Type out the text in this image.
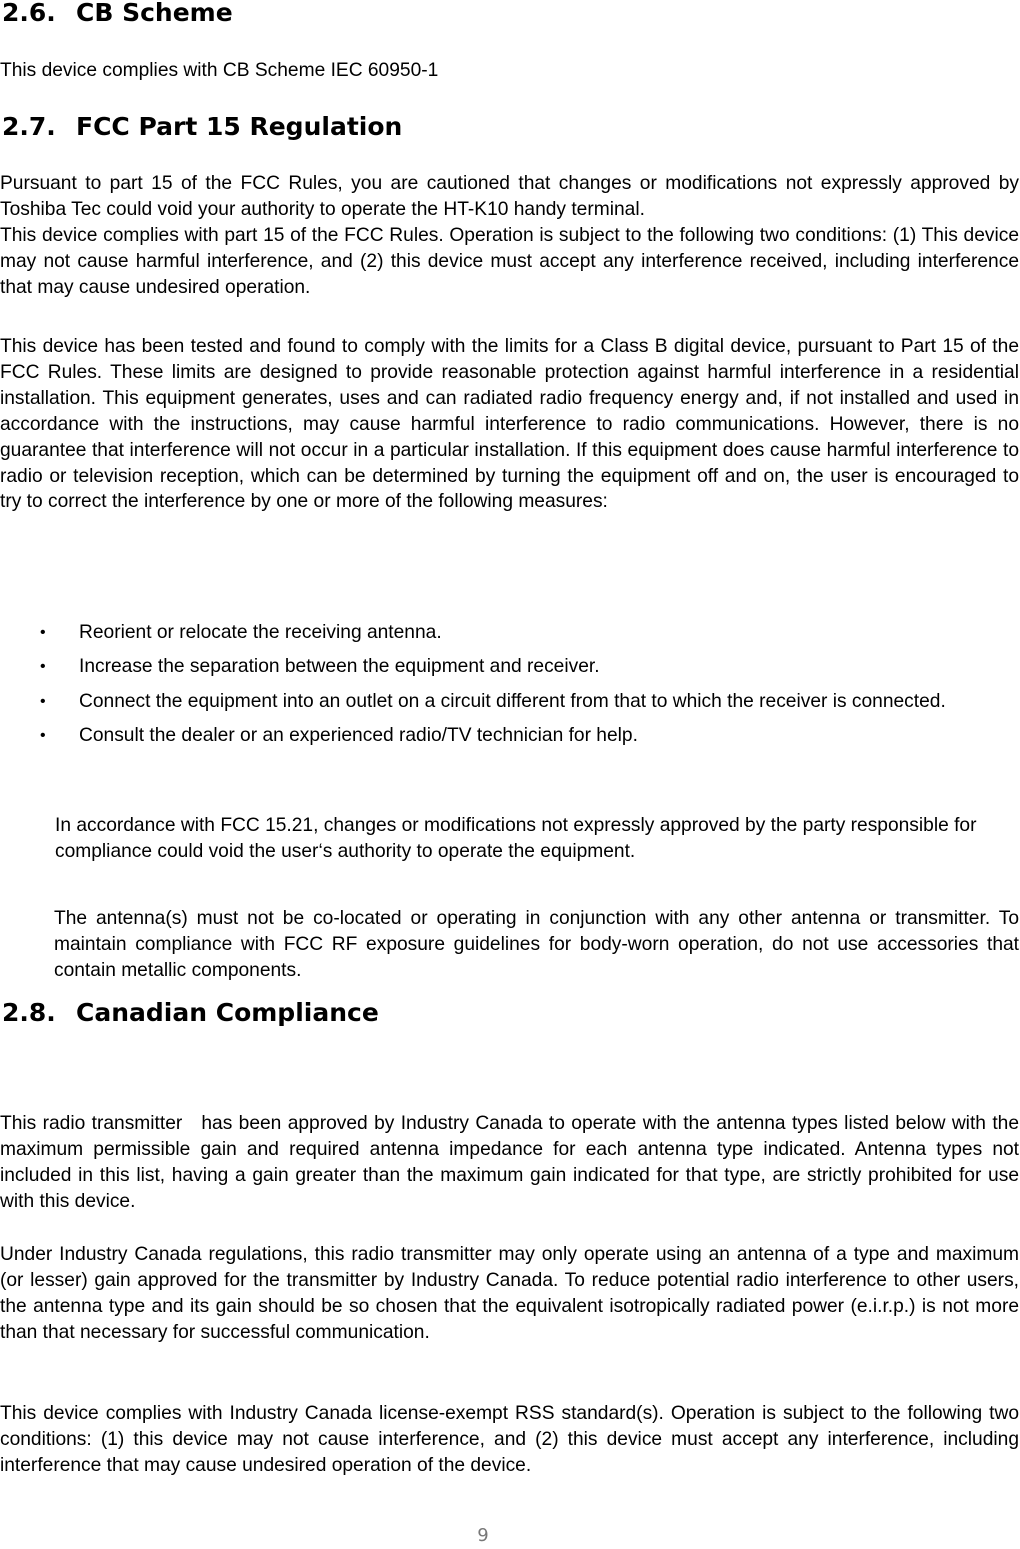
2.6. CB Scheme

This device complies with CB Scheme IEC 60950-1

2.7. FCC Part 15 Regulation

Pursuant to part 15 of the FCC Rules, you are cautioned that changes or modifications not expressly approved by Toshiba Tec could void your authority to operate the HT-K10 handy terminal.

This device complies with part 15 of the FCC Rules. Operation is subject to the following two conditions: (1) This device may not cause harmful interference, and (2) this device must accept any interference received, including interference that may cause undesired operation.

This device has been tested and found to comply with the limits for a Class B digital device, pursuant to Part 15 of the FCC Rules. These limits are designed to provide reasonable protection against harmful interference in a residential installation. This equipment generates, uses and can radiated radio frequency energy and, if not installed and used in accordance with the instructions, may cause harmful interference to radio communications. However, there is no guarantee that interference will not occur in a particular installation. If this equipment does cause harmful interference to radio or television reception, which can be determined by turning the equipment off and on, the user is encouraged to try to correct the interference by one or more of the following measures:

• Reorient or relocate the receiving antenna.
• Increase the separation between the equipment and receiver.
• Connect the equipment into an outlet on a circuit different from that to which the receiver is connected.
• Consult the dealer or an experienced radio/TV technician for help.

In accordance with FCC 15.21, changes or modifications not expressly approved by the party responsible for compliance could void the user‘s authority to operate the equipment.

The antenna(s) must not be co-located or operating in conjunction with any other antenna or transmitter. To maintain compliance with FCC RF exposure guidelines for body-worn operation, do not use accessories that contain metallic components.

2.8. Canadian Compliance

This radio transmitter   has been approved by Industry Canada to operate with the antenna types listed below with the maximum permissible gain and required antenna impedance for each antenna type indicated. Antenna types not included in this list, having a gain greater than the maximum gain indicated for that type, are strictly prohibited for use with this device.

Under Industry Canada regulations, this radio transmitter may only operate using an antenna of a type and maximum (or lesser) gain approved for the transmitter by Industry Canada. To reduce potential radio interference to other users, the antenna type and its gain should be so chosen that the equivalent isotropically radiated power (e.i.r.p.) is not more than that necessary for successful communication.

This device complies with Industry Canada license-exempt RSS standard(s). Operation is subject to the following two conditions: (1) this device may not cause interference, and (2) this device must accept any interference, including interference that may cause undesired operation of the device.

9
